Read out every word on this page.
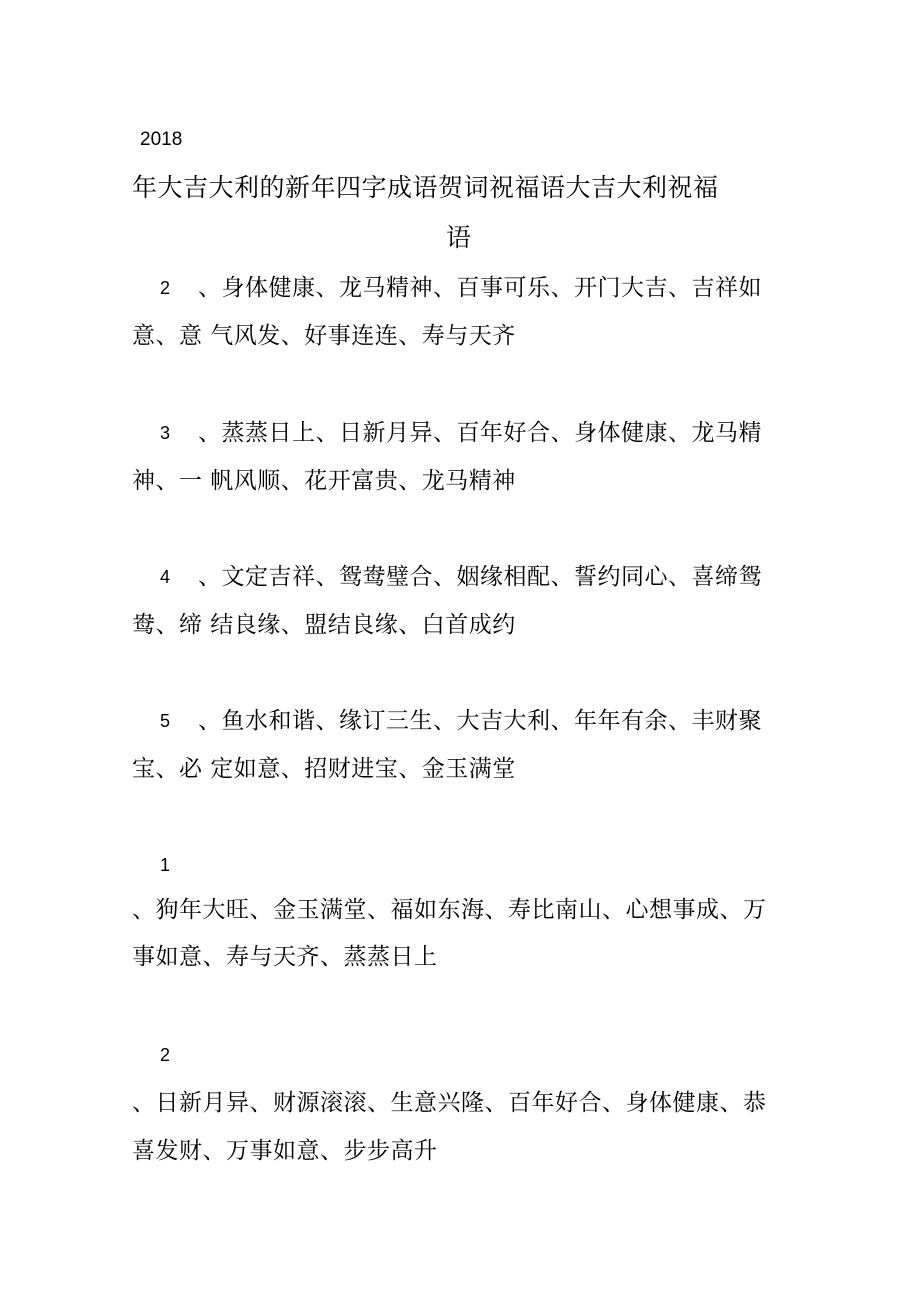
2018
年大吉大利的新年四字成语贺词祝福语大吉大利祝福
语
2 、身体健康、龙马精神、百事可乐、开门大吉、吉祥如
意、意 气风发、好事连连、寿与天齐
3 、蒸蒸日上、日新月异、百年好合、身体健康、龙马精
神、一 帆风顺、花开富贵、龙马精神
4 、文定吉祥、鸳鸯璧合、姻缘相配、誓约同心、喜缔鸳
鸯、缔 结良缘、盟结良缘、白首成约
5 、鱼水和谐、缘订三生、大吉大利、年年有余、丰财聚
宝、必 定如意、招财进宝、金玉满堂
1
、狗年大旺、金玉满堂、福如东海、寿比南山、心想事成、万
事如意、寿与天齐、蒸蒸日上
2
、日新月异、财源滚滚、生意兴隆、百年好合、身体健康、恭
喜发财、万事如意、步步高升
